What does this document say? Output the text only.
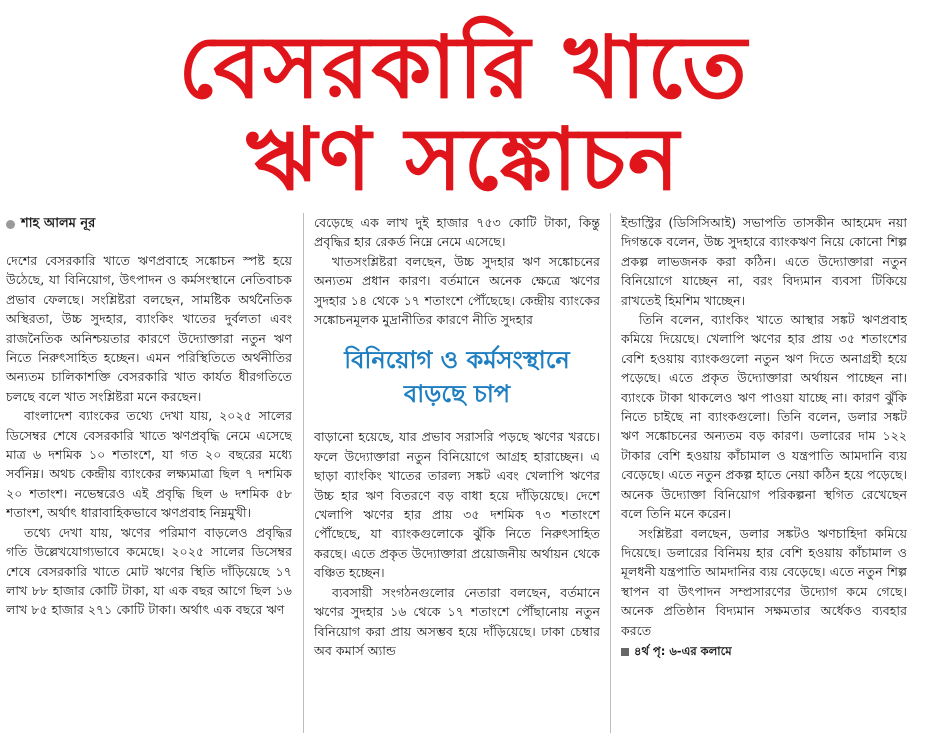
বেসরকারি খাতে
ঋণ সঙ্কোচন
শাহ আলম নূর

দেশের বেসরকারি খাতে ঋণপ্রবাহে সঙ্কোচন স্পষ্ট হয়ে উঠেছে, যা বিনিয়োগ, উৎপাদন ও কর্মসংস্থানে নেতিবাচক প্রভাব ফেলছে। সংশ্লিষ্টরা বলছেন, সামষ্টিক অর্থনৈতিক অস্থিরতা, উচ্চ সুদহার, ব্যাংকিং খাতের দুর্বলতা এবং রাজনৈতিক অনিশ্চয়তার কারণে উদ্যোক্তারা নতুন ঋণ নিতে নিরুৎসাহিত হচ্ছেন। এমন পরিস্থিতিতে অর্থনীতির অন্যতম চালিকাশক্তি বেসরকারি খাত কার্যত ধীরগতিতে চলছে বলে খাত সংশ্লিষ্টরা মনে করছেন।

বাংলাদেশ ব্যাংকের তথ্যে দেখা যায়, ২০২৫ সালের ডিসেম্বর শেষে বেসরকারি খাতে ঋণপ্রবৃদ্ধি নেমে এসেছে মাত্র ৬ দশমিক ১০ শতাংশে, যা গত ২০ বছরের মধ্যে সর্বনিম্ন। অথচ কেন্দ্রীয় ব্যাংকের লক্ষ্যমাত্রা ছিল ৭ দশমিক ২০ শতাংশ। নভেম্বরেও এই প্রবৃদ্ধি ছিল ৬ দশমিক ৫৮ শতাংশ, অর্থাৎ ধারাবাহিকভাবে ঋণপ্রবাহ নিম্নমুখী।

তথ্যে দেখা যায়, ঋণের পরিমাণ বাড়লেও প্রবৃদ্ধির গতি উল্লেখযোগ্যভাবে কমেছে। ২০২৫ সালের ডিসেম্বর শেষে বেসরকারি খাতে মোট ঋণের স্থিতি দাঁড়িয়েছে ১৭ লাখ ৮৮ হাজার কোটি টাকা, যা এক বছর আগে ছিল ১৬ লাখ ৮৫ হাজার ২৭১ কোটি টাকা। অর্থাৎ এক বছরে ঋণ

বেড়েছে এক লাখ দুই হাজার ৭৫৩ কোটি টাকা, কিন্তু প্রবৃদ্ধির হার রেকর্ড নিম্নে নেমে এসেছে।

খাতসংশ্লিষ্টরা বলছেন, উচ্চ সুদহার ঋণ সঙ্কোচনের অন্যতম প্রধান কারণ। বর্তমানে অনেক ক্ষেত্রে ঋণের সুদহার ১৪ থেকে ১৭ শতাংশে পৌঁছেছে। কেন্দ্রীয় ব্যাংকের সঙ্কোচনমূলক মুদ্রানীতির কারণে নীতি সুদহার

বিনিয়োগ ও কর্মসংস্থানে
বাড়ছে চাপ

বাড়ানো হয়েছে, যার প্রভাব সরাসরি পড়ছে ঋণের খরচে। ফলে উদ্যোক্তারা নতুন বিনিয়োগে আগ্রহ হারাচ্ছেন। এ ছাড়া ব্যাংকিং খাতের তারল্য সঙ্কট এবং খেলাপি ঋণের উচ্চ হার ঋণ বিতরণে বড় বাধা হয়ে দাঁড়িয়েছে। দেশে খেলাপি ঋণের হার প্রায় ৩৫ দশমিক ৭৩ শতাংশে পৌঁছেছে, যা ব্যাংকগুলোকে ঝুঁকি নিতে নিরুৎসাহিত করছে। এতে প্রকৃত উদ্যোক্তারা প্রয়োজনীয় অর্থায়ন থেকে বঞ্চিত হচ্ছেন।

ব্যবসায়ী সংগঠনগুলোর নেতারা বলছেন, বর্তমানে ঋণের সুদহার ১৬ থেকে ১৭ শতাংশে পৌঁছানোয় নতুন বিনিয়োগ করা প্রায় অসম্ভব হয়ে দাঁড়িয়েছে। ঢাকা চেম্বার অব কমার্স অ্যান্ড

ইন্ডাস্ট্রির (ডিসিসিআই) সভাপতি তাসকীন আহমেদ নয়া দিগন্তকে বলেন, উচ্চ সুদহারে ব্যাংকঋণ নিয়ে কোনো শিল্প প্রকল্প লাভজনক করা কঠিন। এতে উদ্যোক্তারা নতুন বিনিয়োগে যাচ্ছেন না, বরং বিদ্যমান ব্যবসা টিকিয়ে রাখতেই হিমশিম খাচ্ছেন।

তিনি বলেন, ব্যাংকিং খাতে আস্থার সঙ্কট ঋণপ্রবাহ কমিয়ে দিয়েছে। খেলাপি ঋণের হার প্রায় ৩৫ শতাংশের বেশি হওয়ায় ব্যাংকগুলো নতুন ঋণ দিতে অনাগ্রহী হয়ে পড়েছে। এতে প্রকৃত উদ্যোক্তারা অর্থায়ন পাচ্ছেন না। ব্যাংকে টাকা থাকলেও ঋণ পাওয়া যাচ্ছে না। কারণ ঝুঁকি নিতে চাইছে না ব্যাংকগুলো। তিনি বলেন, ডলার সঙ্কট ঋণ সঙ্কোচনের অন্যতম বড় কারণ। ডলারের দাম ১২২ টাকার বেশি হওয়ায় কাঁচামাল ও যন্ত্রপাতি আমদানি ব্যয় বেড়েছে। এতে নতুন প্রকল্প হাতে নেয়া কঠিন হয়ে পড়েছে। অনেক উদ্যোক্তা বিনিয়োগ পরিকল্পনা স্থগিত রেখেছেন বলে তিনি মনে করেন।

সংশ্লিষ্টরা বলছেন, ডলার সঙ্কটও ঋণচাহিদা কমিয়ে দিয়েছে। ডলারের বিনিময় হার বেশি হওয়ায় কাঁচামাল ও মূলধনী যন্ত্রপাতি আমদানির ব্যয় বেড়েছে। এতে নতুন শিল্প স্থাপন বা উৎপাদন সম্প্রসারণের উদ্যোগ কমে গেছে। অনেক প্রতিষ্ঠান বিদ্যমান সক্ষমতার অর্ধেকও ব্যবহার করতে

৪র্থ পৃ: ৬-এর কলামে
